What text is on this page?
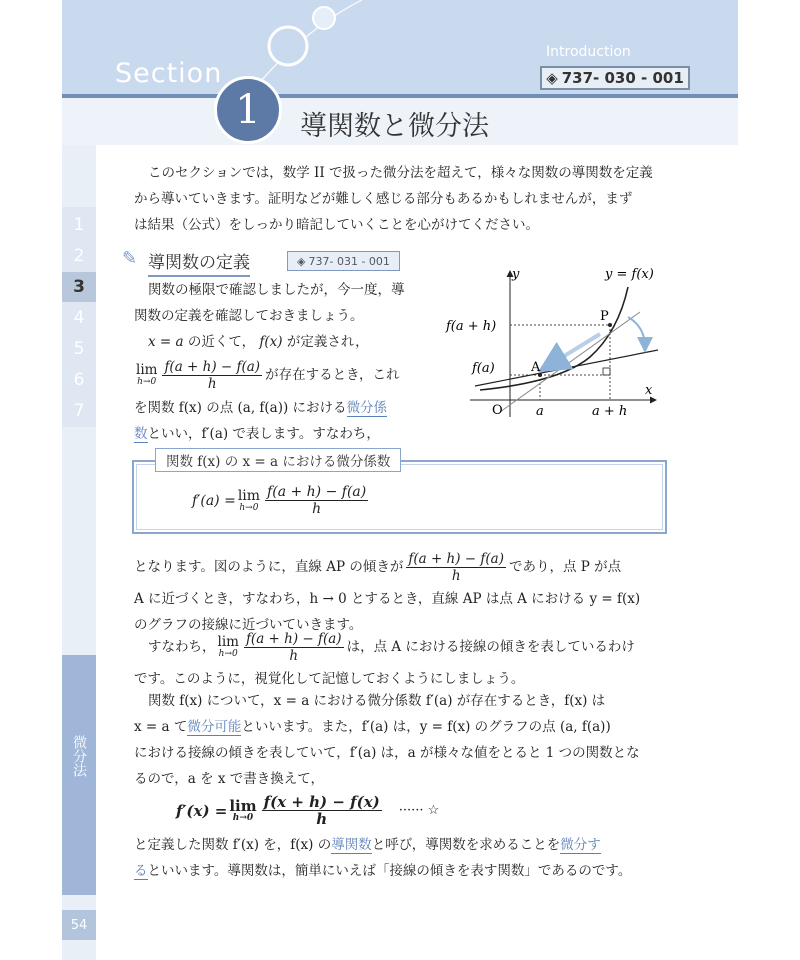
Section
Introduction
◈ 737- 030 - 001
1	導関数と微分法
1
2
3
4
5
6
7
微分法
54
このセクションでは，数学 II で扱った微分法を超えて，様々な関数の導関数を定義
から導いていきます。証明などが難しく感じる部分もあるかもしれませんが，まず
は結果（公式）をしっかり暗記していくことを心がけてください。
✎ 導関数の定義	◈ 737- 031 - 001
関数の極限で確認しましたが，今一度，導
関数の定義を確認しておきましょう。
x = a の近くて， f(x) が定義され，
lim
$h\to 0 \frac{f(a + h) - f(a)}{h}$ が存在するとき，これ
を関数 f(x) の点 (a, f(a)) における微分係
数といい，f′(a) で表します。すなわち，
y
x
y = f(x)
f(a + h)
f(a)
P
A
O	a	a + h
関数 f(x) の x = a における微分係数
f′(a) = lim
$h\to 0 \frac{f(a + h) - f(a)}{h}$
となります。図のように，直線 AP の傾きが $\frac{f(a + h) - f(a)}{h}$ であり，点 P が点
A に近づくとき，すなわち，h → 0 とするとき，直線 AP は点 A における y = f(x)
のグラフの接線に近づいていきます。
すなわち， lim
$h\to 0 \frac{f(a + h) - f(a)}{h}$ は，点 A における接線の傾きを表しているわけ
です。このように，視覚化して記憶しておくようにしましょう。
関数 f(x) について，x = a における微分係数 f′(a) が存在するとき，f(x) は
x = a て微分可能といいます。また，f′(a) は，y = f(x) のグラフの点 (a, f(a))
における接線の傾きを表していて，f′(a) は，a が様々な値をとると 1 つの関数とな
るので，a を x で書き換えて，
f′(x) = lim
$h\to 0 \frac{f(x + h) - f(x)}{h}$ ······ ☆
と定義した関数 f′(x) を，f(x) の導関数と呼び，導関数を求めることを微分す
るといいます。導関数は，簡単にいえば「接線の傾きを表す関数」であるのです。
